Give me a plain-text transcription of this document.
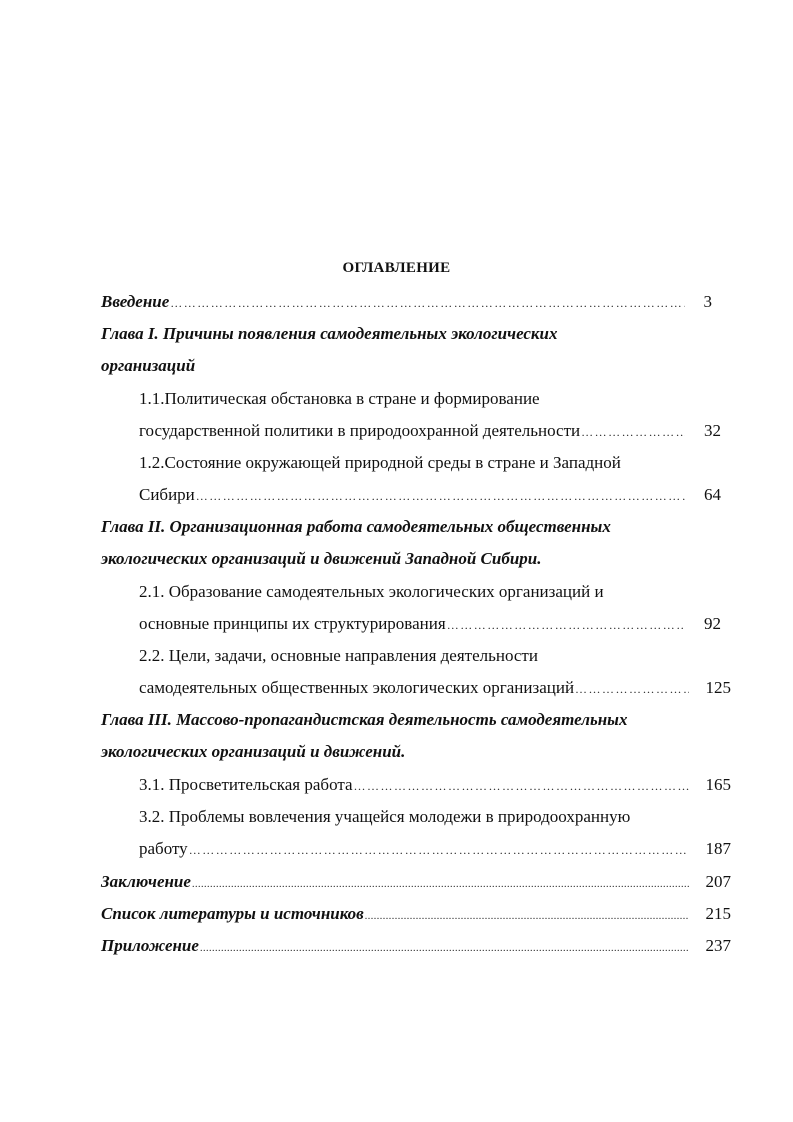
ОГЛАВЛЕНИЕ
Введение …………………………………………………………………………………………………………………………………………………………	3
Глава I. Причины появления самодеятельных экологических
организаций
1.1.Политическая обстановка в стране и формирование
государственной политики в природоохранной деятельности …………………………………………………………………………………………………………………………………………………………	32
1.2.Состояние окружающей природной среды в стране и Западной
Сибири …………………………………………………………………………………………………………………………………………………………	64
Глава II. Организационная работа самодеятельных общественных
экологических организаций и движений Западной Сибири.
2.1. Образование самодеятельных экологических организаций и
основные принципы их структурирования …………………………………………………………………………………………………………………………………………………………	92
2.2. Цели, задачи, основные направления деятельности
самодеятельных общественных экологических организаций …………………………………………………………………………………………………………………………………………………………	125
Глава III. Массово-пропагандистская деятельность самодеятельных
экологических организаций и движений.
3.1. Просветительская работа …………………………………………………………………………………………………………………………………………………………	165
3.2. Проблемы вовлечения учащейся молодежи в природоохранную
работу …………………………………………………………………………………………………………………………………………………………	187
Заключение .....	207
Список литературы и источников .....	215
Приложение .....	237
